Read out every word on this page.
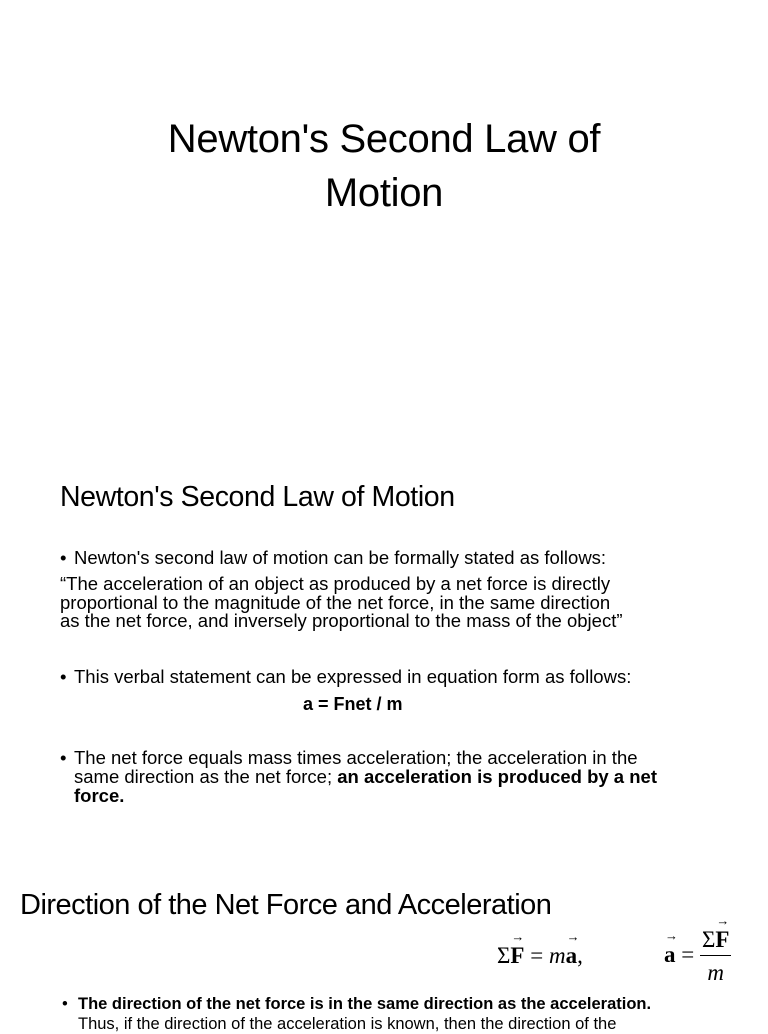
Newton's Second Law of
Motion
Newton's Second Law of Motion
• Newton's second law of motion can be formally stated as follows:
“The acceleration of an object as produced by a net force is directly
proportional to the magnitude of the net force, in the same direction
as the net force, and inversely proportional to the mass of the object”
• This verbal statement can be expressed in equation form as follows:
a = Fnet / m
• The net force equals mass times acceleration; the acceleration in the
same direction as the net force; an acceleration is produced by a net
force.
Direction of the Net Force and Acceleration
Σ→ F = m→ a,
→	$a = \frac{\Sigma\to F}{m}$
• The direction of the net force is in the same direction as the acceleration.
Thus, if the direction of the acceleration is known, then the direction of the
